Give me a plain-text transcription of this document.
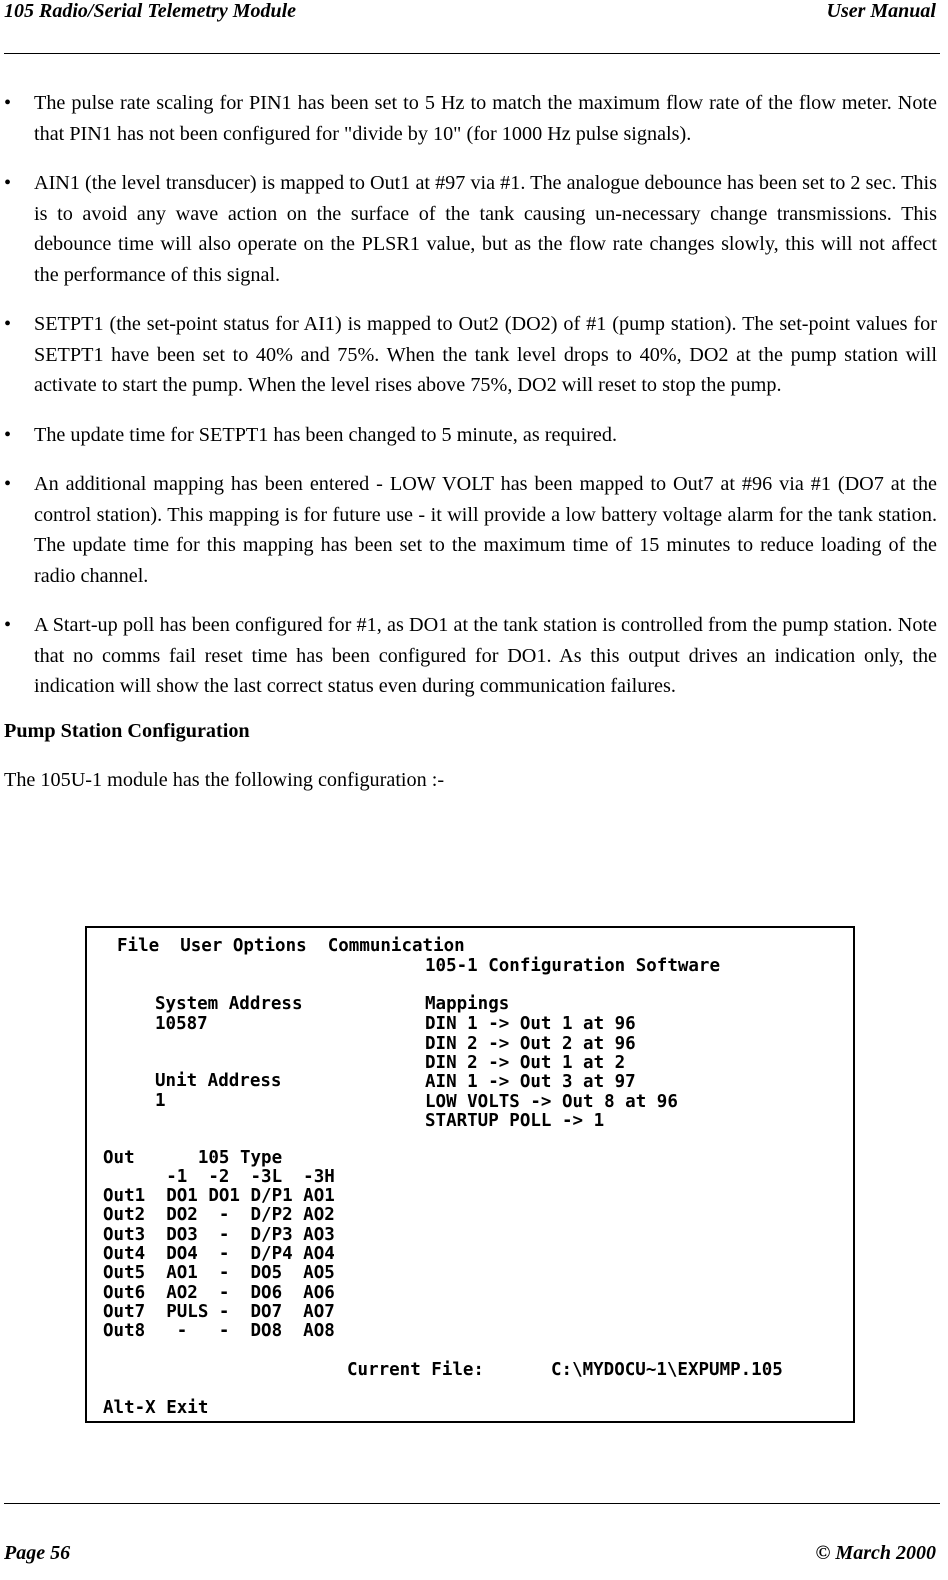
105 Radio/Serial Telemetry Module	User Manual
•	The pulse rate scaling for PIN1 has been set to 5 Hz to match the maximum flow rate of the flow meter. Note that PIN1 has not been configured for "divide by 10" (for 1000 Hz pulse signals).
•	AIN1 (the level transducer) is mapped to Out1 at #97 via #1. The analogue debounce has been set to 2 sec. This is to avoid any wave action on the surface of the tank causing un-necessary change transmissions. This debounce time will also operate on the PLSR1 value, but as the flow rate changes slowly, this will not affect the performance of this signal.
•	SETPT1 (the set-point status for AI1) is mapped to Out2 (DO2) of #1 (pump station). The set-point values for SETPT1 have been set to 40% and 75%. When the tank level drops to 40%, DO2 at the pump station will activate to start the pump. When the level rises above 75%, DO2 will reset to stop the pump.
•	The update time for SETPT1 has been changed to 5 minute, as required.
•	An additional mapping has been entered - LOW VOLT has been mapped to Out7 at #96 via #1 (DO7 at the control station). This mapping is for future use - it will provide a low battery voltage alarm for the tank station. The update time for this mapping has been set to the maximum time of 15 minutes to reduce loading of the radio channel.
•	A Start-up poll has been configured for #1, as DO1 at the tank station is controlled from the pump station. Note that no comms fail reset time has been configured for DO1. As this output drives an indication only, the indication will show the last correct status even during communication failures.
Pump Station Configuration
The 105U-1 module has the following configuration :-
File  User Options  Communication
105-1 Configuration Software
System Address
10587
Unit Address
1
Mappings
DIN 1 -> Out 1 at 96
DIN 2 -> Out 2 at 96
DIN 2 -> Out 1 at 2
AIN 1 -> Out 3 at 97
LOW VOLTS -> Out 8 at 96
STARTUP POLL -> 1
Out      105 Type
-1  -2  -3L  -3H
Out1  DO1 DO1 D/P1 AO1
Out2  DO2  -  D/P2 AO2
Out3  DO3  -  D/P3 AO3
Out4  DO4  -  D/P4 AO4
Out5  AO1  -  DO5  AO5
Out6  AO2  -  DO6  AO6
Out7  PULS -  DO7  AO7
Out8   -   -  DO8  AO8
Current File:	C:\MYDOCU~1\EXPUMP.105
Alt-X Exit
Page 56	© March 2000
